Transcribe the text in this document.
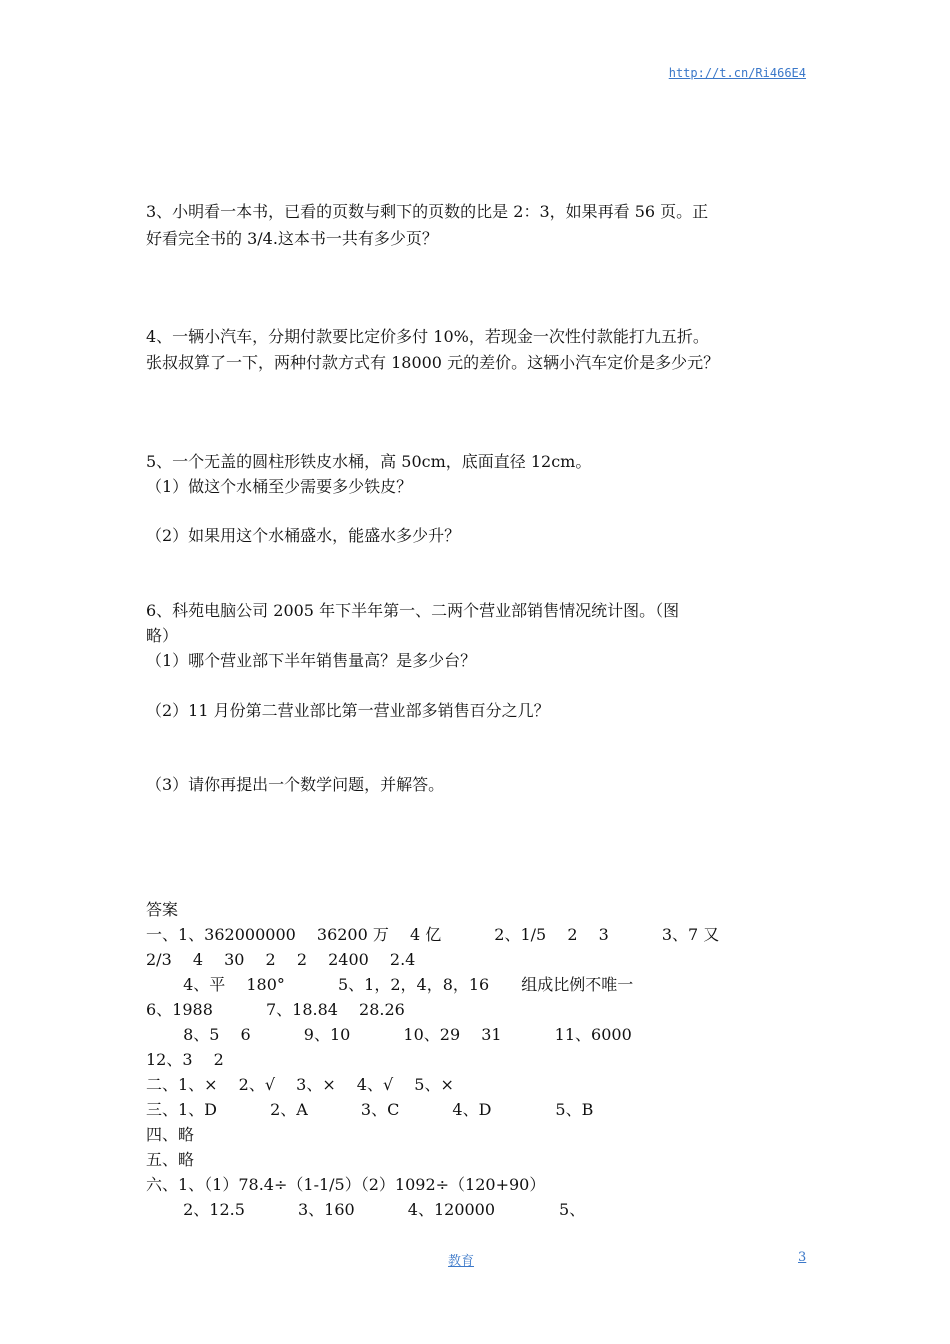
http://t.cn/Ri466E4
3、小明看一本书，已看的页数与剩下的页数的比是 2：3，如果再看 56 页。正
好看完全书的 3/4.这本书一共有多少页？
4、一辆小汽车，分期付款要比定价多付 10%，若现金一次性付款能打九五折。
张叔叔算了一下，两种付款方式有 18000 元的差价。这辆小汽车定价是多少元？
5、一个无盖的圆柱形铁皮水桶，高 50cm，底面直径 12cm。
（1）做这个水桶至少需要多少铁皮？
（2）如果用这个水桶盛水，能盛水多少升？
6、科苑电脑公司 2005 年下半年第一、二两个营业部销售情况统计图。（图
略）
（1）哪个营业部下半年销售量高？是多少台？
（2）11 月份第二营业部比第一营业部多销售百分之几？
（3）请你再提出一个数学问题，并解答。
答案
一、1、362000000　 36200 万　 4 亿　　　 2、1/5　 2　 3　　　 3、7 又
2/3　 4　 30　 2　 2　 2400　 2.4
　　 4、平　 180°　　　 5、1，2，4，8，16　　组成比例不唯一
6、1988　　　 7、18.84　 28.26
　　 8、5　 6　　　 9、10　　　 10、29　 31　　　 11、6000
12、3　 2
二、1、×　 2、√　 3、×　 4、√　 5、×
三、1、D　　　 2、A　　　 3、C　　　 4、D　　　　5、B
四、略
五、略
六、1、（1）78.4÷（1-1/5）（2）1092÷（120+90）
　　 2、12.5　　　 3、160　　　 4、120000　　　　5、
教育	3
